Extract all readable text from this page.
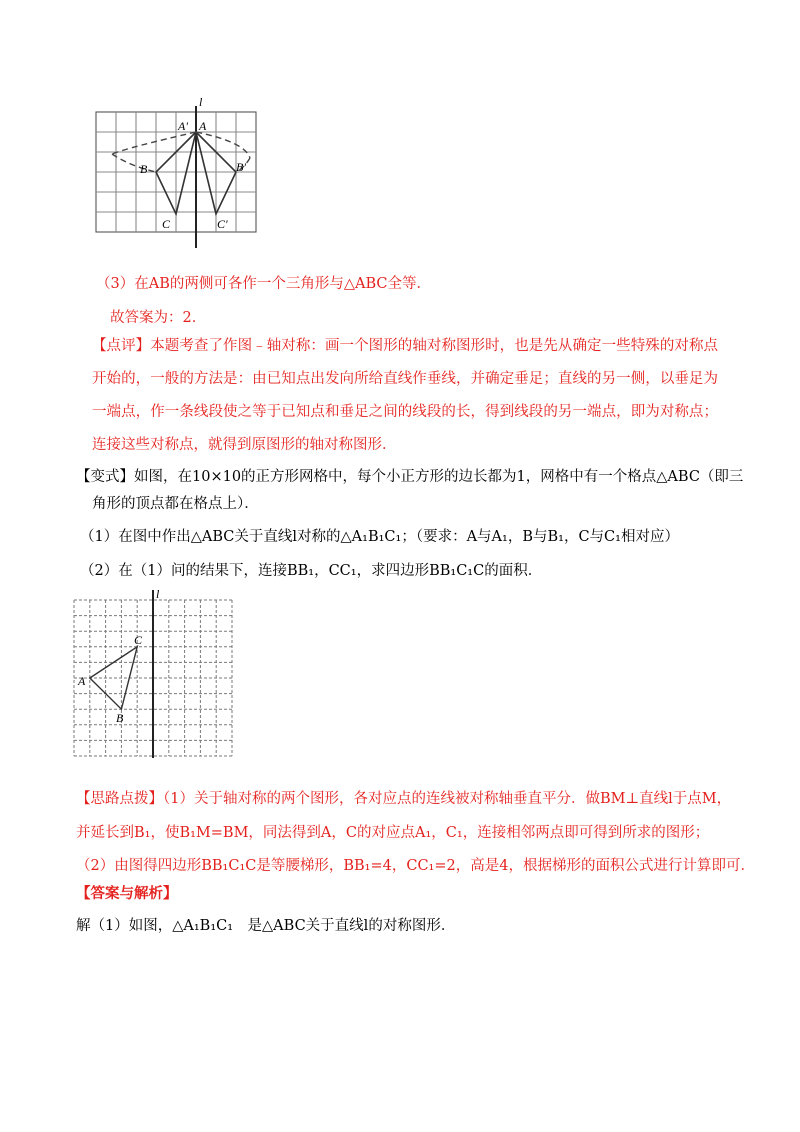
l
A' A
B	B'
C	C'
（3）在AB的两侧可各作一个三角形与△ABC全等．
故答案为：2．
【点评】本题考查了作图﹣轴对称：画一个图形的轴对称图形时，也是先从确定一些特殊的对称点开始的，一般的方法是：由已知点出发向所给直线作垂线，并确定垂足；直线的另一侧，以垂足为一端点，作一条线段使之等于已知点和垂足之间的线段的长，得到线段的另一端点，即为对称点；连接这些对称点，就得到原图形的轴对称图形．
【变式】如图，在10×10的正方形网格中，每个小正方形的边长都为1，网格中有一个格点△ABC（即三
角形的顶点都在格点上）．
（1）在图中作出△ABC关于直线l对称的△A₁B₁C₁；（要求：A与A₁，B与B₁，C与C₁相对应）
（2）在（1）问的结果下，连接BB₁，CC₁，求四边形BB₁C₁C的面积．
l
A
B
C
【思路点拨】（1）关于轴对称的两个图形，各对应点的连线被对称轴垂直平分．做BM⊥直线l于点M，
并延长到B₁，使B₁M=BM，同法得到A，C的对应点A₁，C₁，连接相邻两点即可得到所求的图形；
（2）由图得四边形BB₁C₁C是等腰梯形，BB₁=4，CC₁=2，高是4，根据梯形的面积公式进行计算即可．
【答案与解析】
解（1）如图，△A₁B₁C₁　是△ABC关于直线l的对称图形．
